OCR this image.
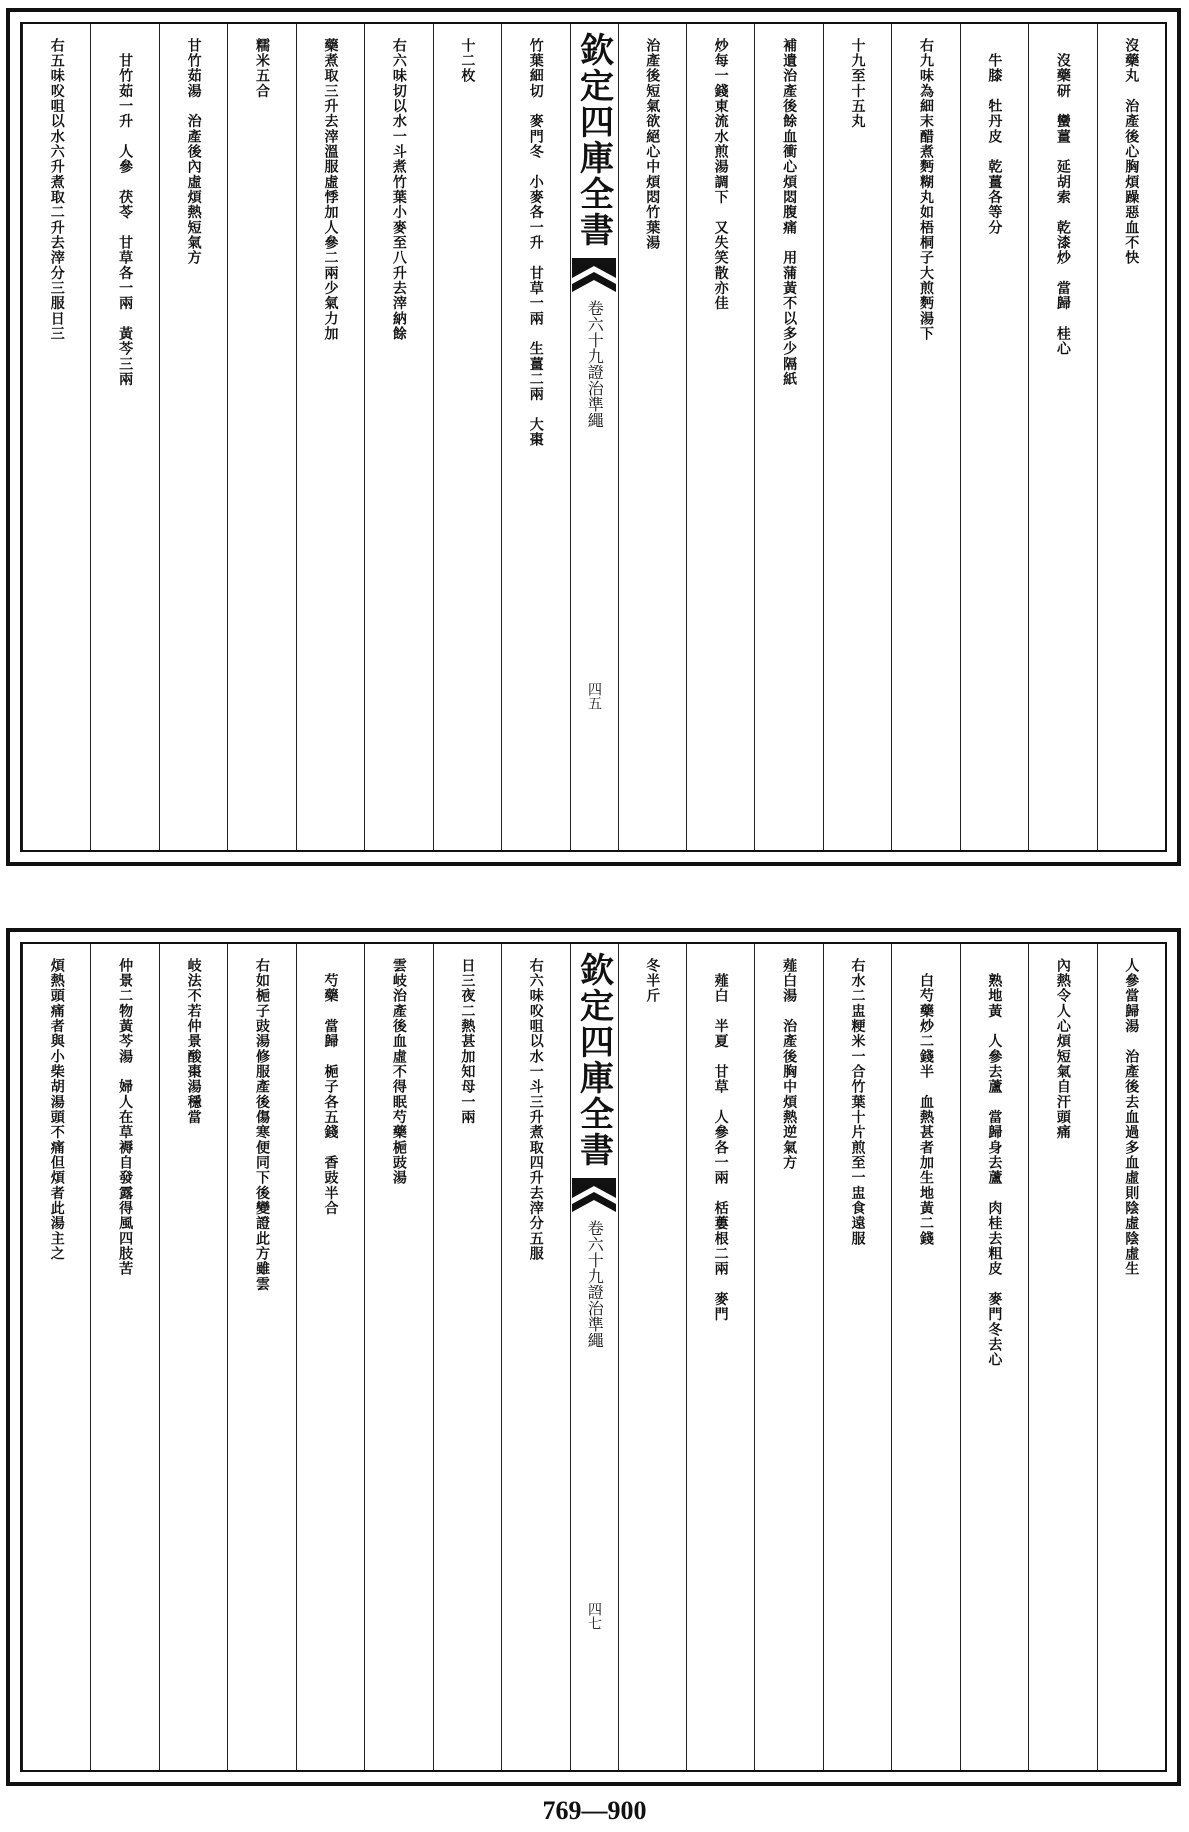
沒藥丸　治產後心胸煩躁惡血不快
　沒藥研　蠻薑　延胡索　乾漆炒　當歸　桂心
　牛膝　牡丹皮　乾薑各等分
右九味為細末醋煮麪糊丸如梧桐子大煎麪湯下
十九至十五丸
補遺治產後餘血衝心煩悶腹痛　用蒲黃不以多少隔紙
炒每一錢東流水煎湯調下　又失笑散亦佳
治產後短氣欲絕心中煩悶竹葉湯
欽定四庫全書
證治準繩
卷六十九
四五
竹葉細切　麥門冬　小麥各一升　甘草一兩　生薑二兩　大棗
十二枚
右六味切以水一斗煮竹葉小麥至八升去滓納餘
藥煮取三升去滓溫服虛悸加人參二兩少氣力加
糯米五合
甘竹茹湯　治產後內虛煩熱短氣方
　甘竹茹一升　人參　茯苓　甘草各一兩　黃芩三兩
右五味㕮咀以水六升煮取二升去滓分三服日三
人參當歸湯　治產後去血過多血虛則陰虛陰虛生
內熱令人心煩短氣自汗頭痛
　熟地黃　人參去蘆　當歸身去蘆　肉桂去粗皮　麥門冬去心
　白芍藥炒二錢半　血熱甚者加生地黃二錢
右水二盅粳米一合竹葉十片煎至一盅食遠服
薤白湯　治產後胸中煩熱逆氣方
　薤白　半夏　甘草　人參各一兩　栝蔞根二兩　麥門
冬半斤
欽定四庫全書
證治準繩
卷六十九
四七
右六味㕮咀以水一斗三升煮取四升去滓分五服
日三夜二熱甚加知母一兩
雲岐治產後血虛不得眠芍藥梔豉湯
　芍藥　當歸　梔子各五錢　香豉半合
右如梔子豉湯修服產後傷寒便同下後變證此方雖雲
岐法不若仲景酸棗湯穩當
仲景二物黃芩湯　婦人在草褥自發露得風四肢苦
煩熱頭痛者與小柴胡湯頭不痛但煩者此湯主之
769—900
